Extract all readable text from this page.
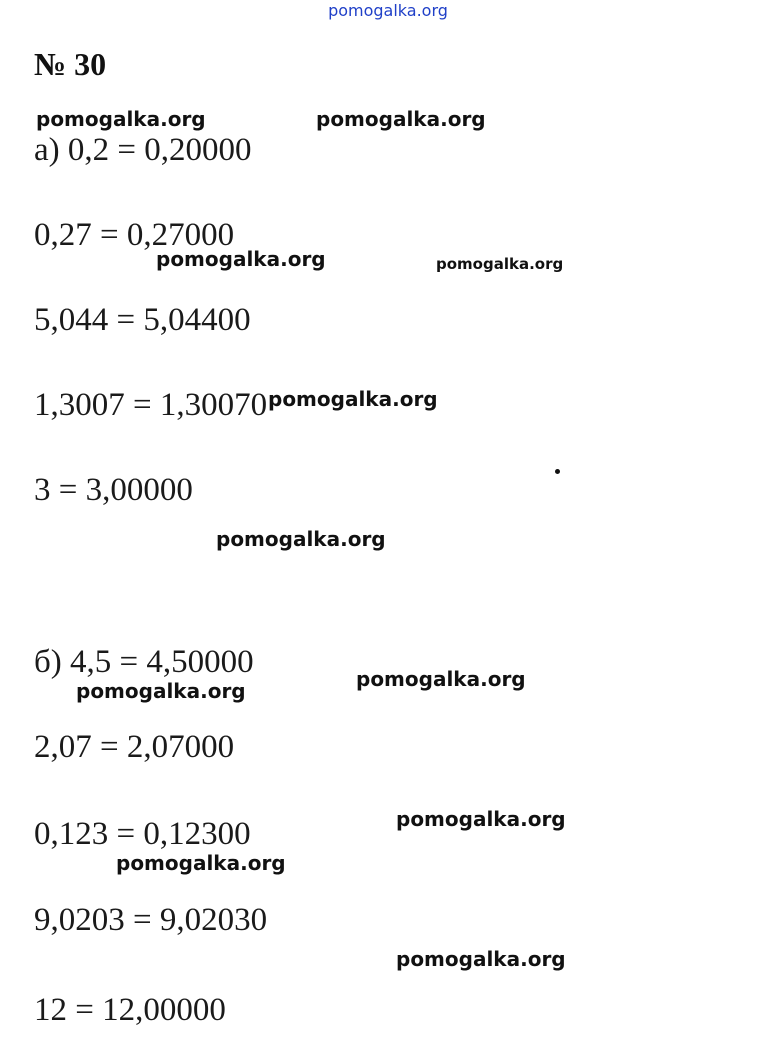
pomogalka.org
№ 30
а) 0,2 = 0,20000
0,27 = 0,27000
5,044 = 5,04400
1,3007 = 1,30070
3 = 3,00000
б) 4,5 = 4,50000
2,07 = 2,07000
0,123 = 0,12300
9,0203 = 9,02030
12 = 12,00000
pomogalka.org	pomogalka.org
pomogalka.org	pomogalka.org
pomogalka.org
pomogalka.org
pomogalka.org	pomogalka.org
pomogalka.org
pomogalka.org
pomogalka.org
